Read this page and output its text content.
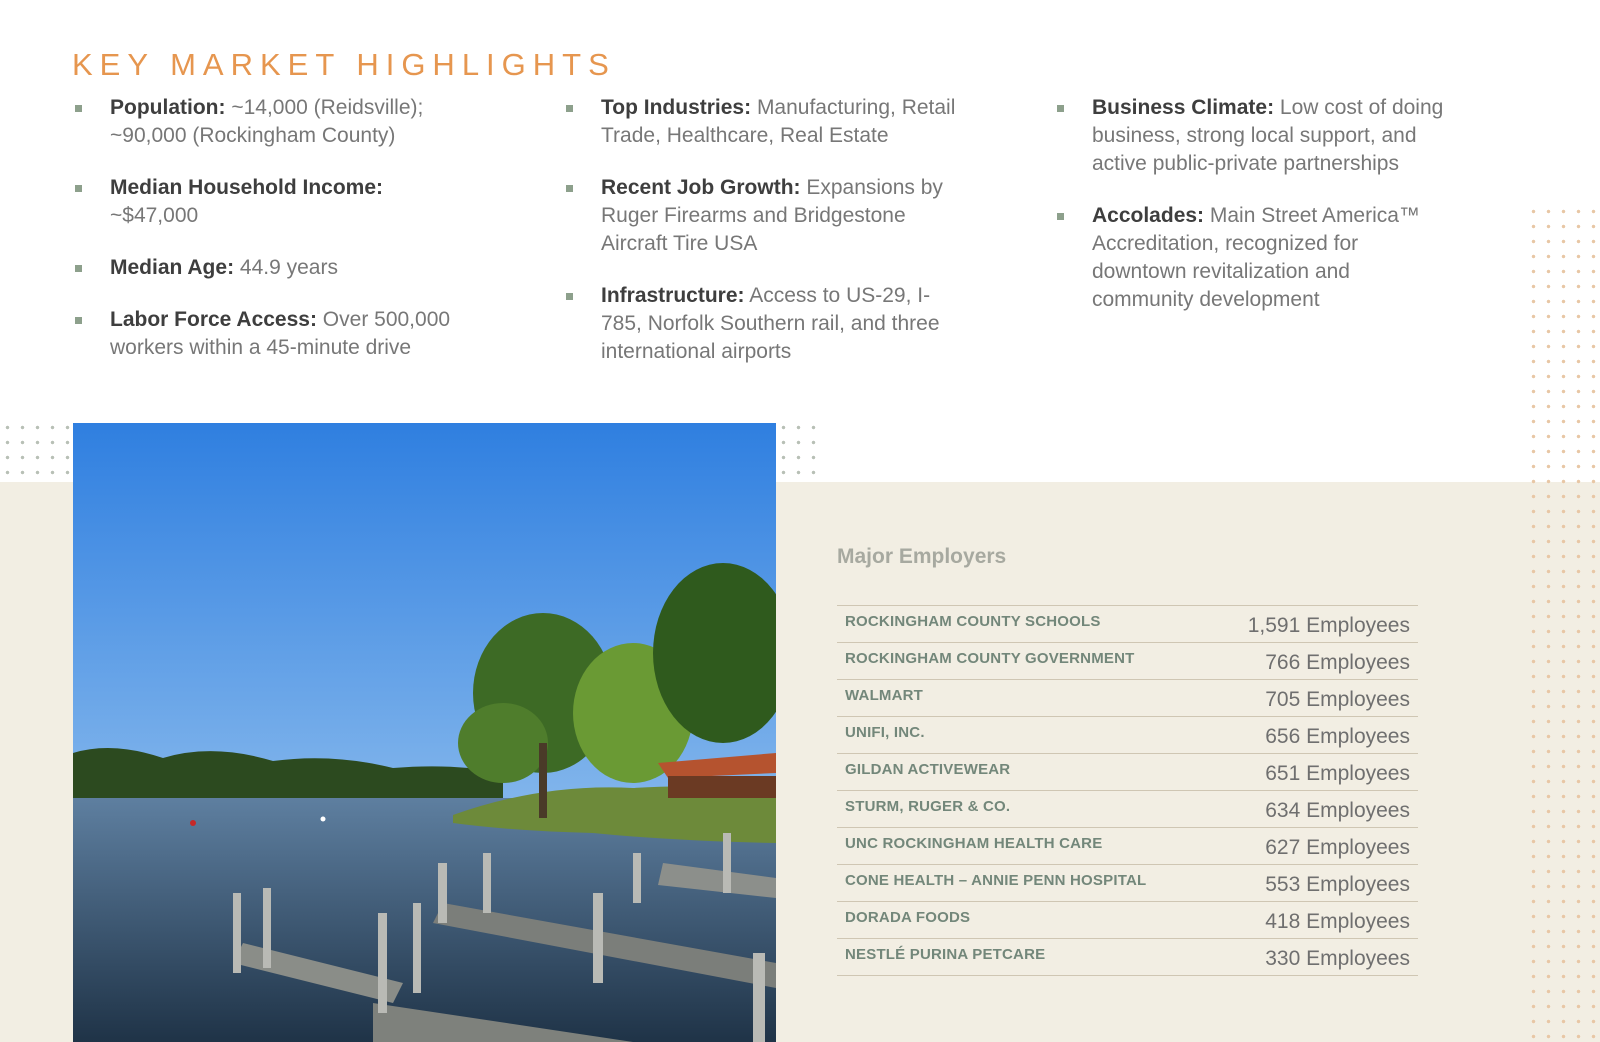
KEY MARKET HIGHLIGHTS
Population: ~14,000 (Reidsville); ~90,000 (Rockingham County)
Median Household Income: ~$47,000
Median Age: 44.9 years
Labor Force Access: Over 500,000 workers within a 45-minute drive
Top Industries: Manufacturing, Retail Trade, Healthcare, Real Estate
Recent Job Growth: Expansions by Ruger Firearms and Bridgestone Aircraft Tire USA
Infrastructure: Access to US-29, I-785, Norfolk Southern rail, and three international airports
Business Climate: Low cost of doing business, strong local support, and active public-private partnerships
Accolades: Main Street America™ Accreditation, recognized for downtown revitalization and community development
Major Employers
ROCKINGHAM COUNTY SCHOOLS	1,591 Employees
ROCKINGHAM COUNTY GOVERNMENT	766 Employees
WALMART	705 Employees
UNIFI, INC.	656 Employees
GILDAN ACTIVEWEAR	651 Employees
STURM, RUGER & CO.	634 Employees
UNC ROCKINGHAM HEALTH CARE	627 Employees
CONE HEALTH – ANNIE PENN HOSPITAL	553 Employees
DORADA FOODS	418 Employees
NESTLÉ PURINA PETCARE	330 Employees
